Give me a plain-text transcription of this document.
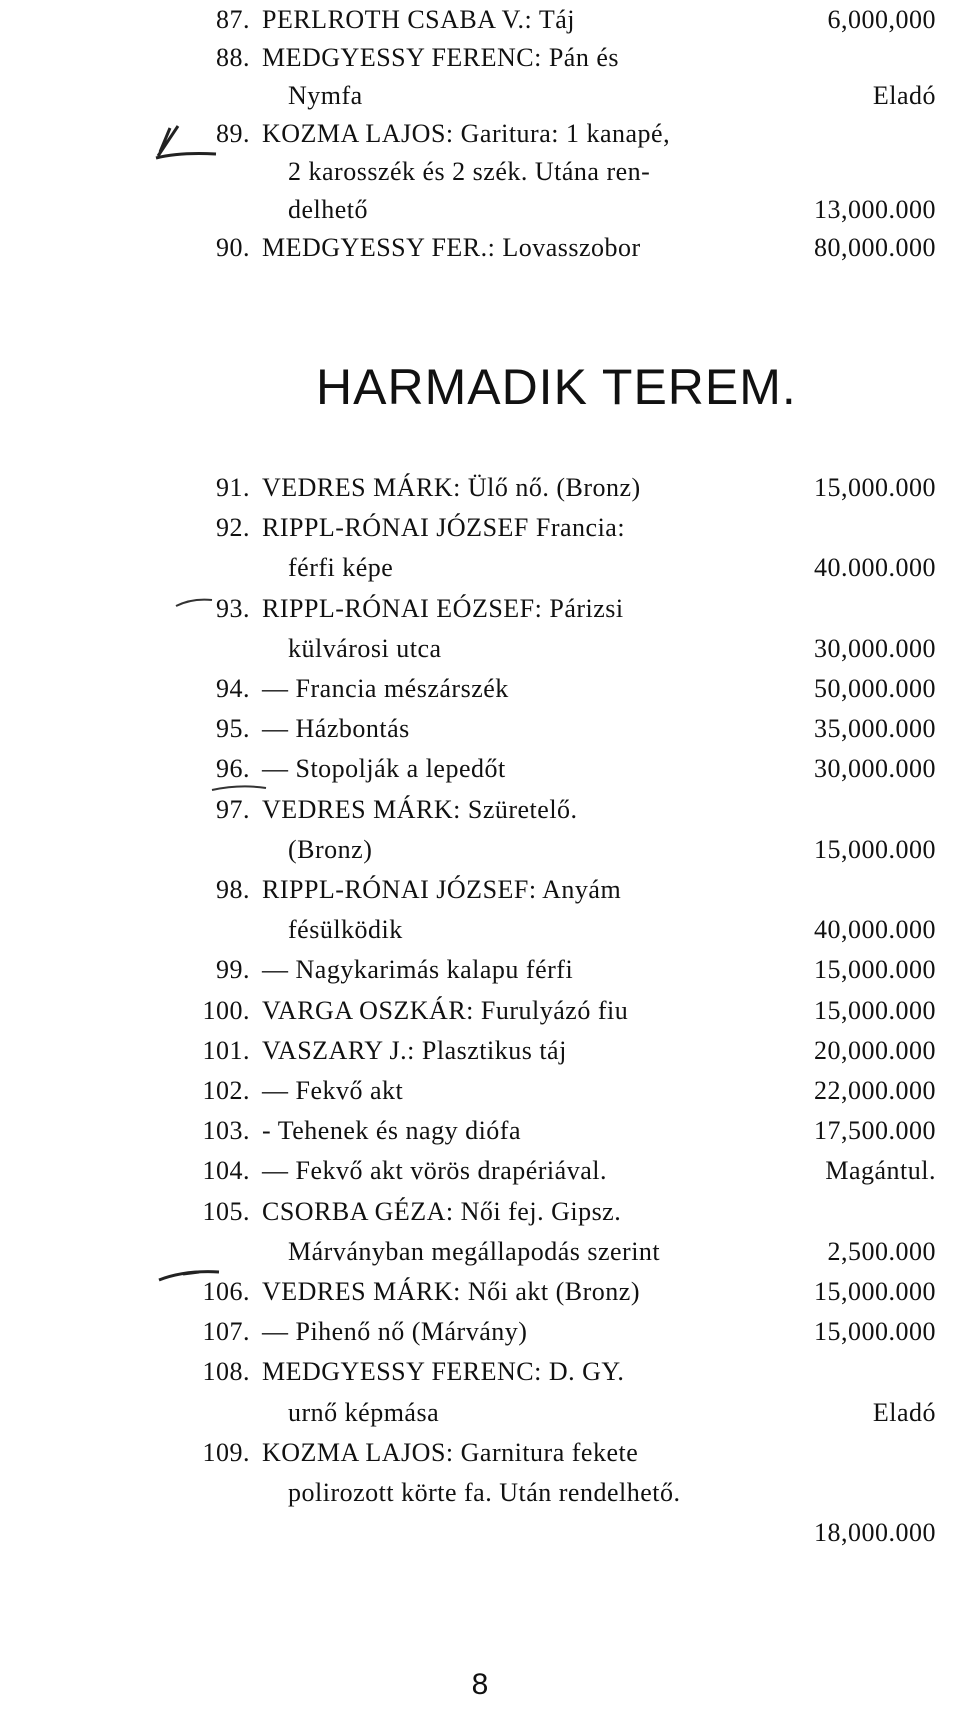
87. PERLROTH CSABA V.: Táj	6,000,000
88. MEDGYESSY FERENC: Pán és
Nymfa	Eladó
89. KOZMA LAJOS: Garitura: 1 kanapé,
2 karosszék és 2 szék. Utána ren-
delhető	13,000.000
90. MEDGYESSY FER.: Lovasszobor	80,000.000
HARMADIK TEREM.
91. VEDRES MÁRK: Ülő nő. (Bronz)	15,000.000
92. RIPPL-RÓNAI JÓZSEF Francia:
férfi képe	40.000.000
93. RIPPL-RÓNAI EÓZSEF: Párizsi
külvárosi utca	30,000.000
94. — Francia mészárszék	50,000.000
95. — Házbontás	35,000.000
96. — Stopolják a lepedőt	30,000.000
97. VEDRES MÁRK: Szüretelő.
(Bronz)	15,000.000
98. RIPPL-RÓNAI JÓZSEF: Anyám
fésülködik	40,000.000
99. — Nagykarimás kalapu férfi	15,000.000
100. VARGA OSZKÁR: Furulyázó fiu	15,000.000
101. VASZARY J.: Plasztikus táj	20,000.000
102. — Fekvő akt	22,000.000
103. - Tehenek és nagy diófa	17,500.000
104. — Fekvő akt vörös drapériával.	Magántul.
105. CSORBA GÉZA: Női fej. Gipsz.
Márványban megállapodás szerint	2,500.000
106. VEDRES MÁRK: Női akt (Bronz)	15,000.000
107. — Pihenő nő (Márvány)	15,000.000
108. MEDGYESSY FERENC: D. GY.
urnő képmása	Eladó
109. KOZMA LAJOS: Garnitura fekete
polirozott körte fa. Után rendelhető.
18,000.000
8
